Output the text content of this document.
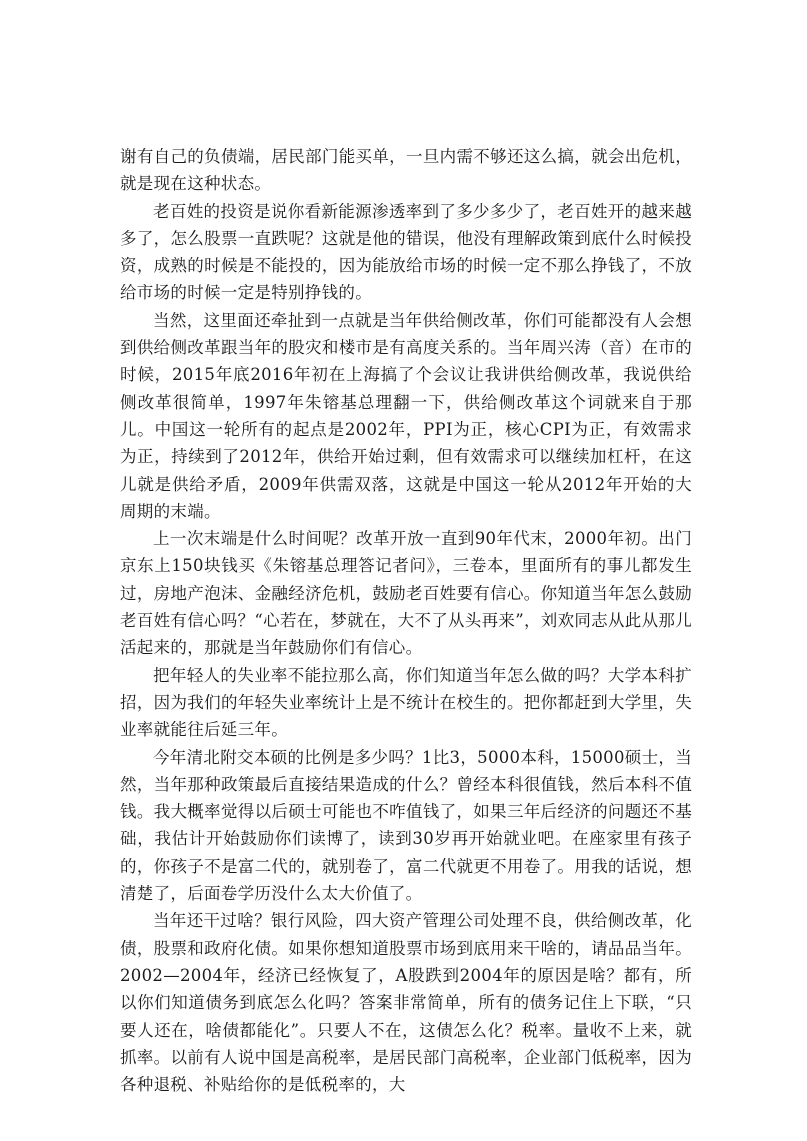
谢有自己的负债端，居民部门能买单，一旦内需不够还这么搞，就会出危机，就是现在这种状态。

老百姓的投资是说你看新能源渗透率到了多少多少了，老百姓开的越来越多了，怎么股票一直跌呢？这就是他的错误，他没有理解政策到底什么时候投资，成熟的时候是不能投的，因为能放给市场的时候一定不那么挣钱了，不放给市场的时候一定是特别挣钱的。

当然，这里面还牵扯到一点就是当年供给侧改革，你们可能都没有人会想到供给侧改革跟当年的股灾和楼市是有高度关系的。当年周兴涛（音）在市的时候，2015年底2016年初在上海搞了个会议让我讲供给侧改革，我说供给侧改革很简单，1997年朱镕基总理翻一下，供给侧改革这个词就来自于那儿。中国这一轮所有的起点是2002年，PPI为正，核心CPI为正，有效需求为正，持续到了2012年，供给开始过剩，但有效需求可以继续加杠杆，在这儿就是供给矛盾，2009年供需双落，这就是中国这一轮从2012年开始的大周期的末端。

上一次末端是什么时间呢？改革开放一直到90年代末，2000年初。出门京东上150块钱买《朱镕基总理答记者问》，三卷本，里面所有的事儿都发生过，房地产泡沫、金融经济危机，鼓励老百姓要有信心。你知道当年怎么鼓励老百姓有信心吗？“心若在，梦就在，大不了从头再来”，刘欢同志从此从那儿活起来的，那就是当年鼓励你们有信心。

把年轻人的失业率不能拉那么高，你们知道当年怎么做的吗？大学本科扩招，因为我们的年轻失业率统计上是不统计在校生的。把你都赶到大学里，失业率就能往后延三年。

今年清北附交本硕的比例是多少吗？1比3，5000本科，15000硕士，当然，当年那种政策最后直接结果造成的什么？曾经本科很值钱，然后本科不值钱。我大概率觉得以后硕士可能也不咋值钱了，如果三年后经济的问题还不基础，我估计开始鼓励你们读博了，读到30岁再开始就业吧。在座家里有孩子的，你孩子不是富二代的，就别卷了，富二代就更不用卷了。用我的话说，想清楚了，后面卷学历没什么太大价值了。

当年还干过啥？银行风险，四大资产管理公司处理不良，供给侧改革，化债，股票和政府化债。如果你想知道股票市场到底用来干啥的，请品品当年。2002—2004年，经济已经恢复了，A股跌到2004年的原因是啥？都有，所以你们知道债务到底怎么化吗？答案非常简单，所有的债务记住上下联，“只要人还在，啥债都能化”。只要人不在，这债怎么化？税率。量收不上来，就抓率。以前有人说中国是高税率，是居民部门高税率，企业部门低税率，因为各种退税、补贴给你的是低税率的，大
